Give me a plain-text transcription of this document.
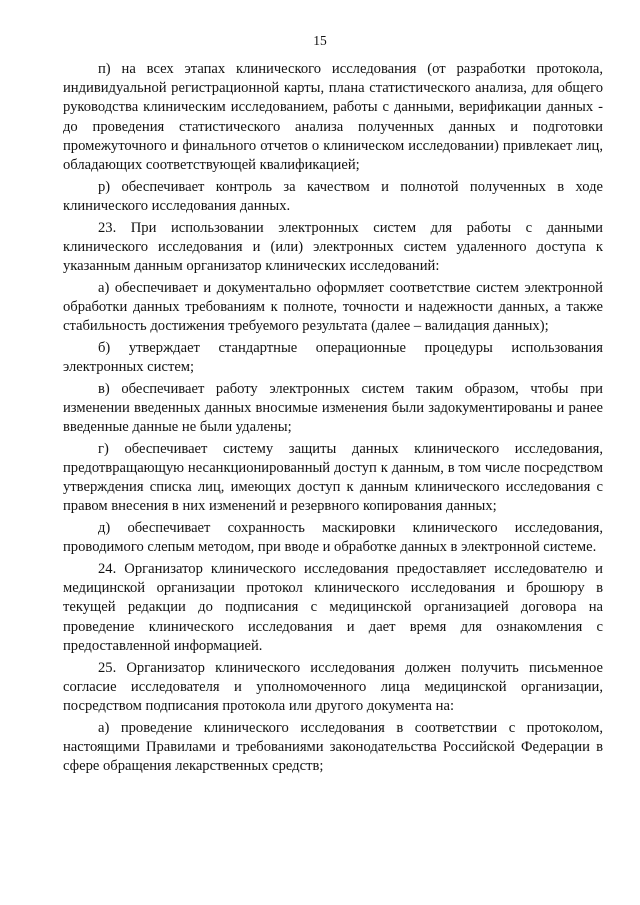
15

п) на всех этапах клинического исследования (от разработки протокола, индивидуальной регистрационной карты, плана статистического анализа, для общего руководства клиническим исследованием, работы с данными, верификации данных - до проведения статистического анализа полученных данных и подготовки промежуточного и финального отчетов о клиническом исследовании) привлекает лиц, обладающих соответствующей квалификацией;

р) обеспечивает контроль за качеством и полнотой полученных в ходе клинического исследования данных.

23. При использовании электронных систем для работы с данными клинического исследования и (или) электронных систем удаленного доступа к указанным данным организатор клинических исследований:

а) обеспечивает и документально оформляет соответствие систем электронной обработки данных требованиям к полноте, точности и надежности данных, а также стабильность достижения требуемого результата (далее – валидация данных);

б) утверждает стандартные операционные процедуры использования электронных систем;

в) обеспечивает работу электронных систем таким образом, чтобы при изменении введенных данных вносимые изменения были задокументированы и ранее введенные данные не были удалены;

г) обеспечивает систему защиты данных клинического исследования, предотвращающую несанкционированный доступ к данным, в том числе посредством утверждения списка лиц, имеющих доступ к данным клинического исследования с правом внесения в них изменений и резервного копирования данных;

д) обеспечивает сохранность маскировки клинического исследования, проводимого слепым методом, при вводе и обработке данных в электронной системе.

24. Организатор клинического исследования предоставляет исследователю и медицинской организации протокол клинического исследования и брошюру в текущей редакции до подписания с медицинской организацией договора на проведение клинического исследования и дает время для ознакомления с предоставленной информацией.

25. Организатор клинического исследования должен получить письменное согласие исследователя и уполномоченного лица медицинской организации, посредством подписания протокола или другого документа на:

а) проведение клинического исследования в соответствии с протоколом, настоящими Правилами и требованиями законодательства Российской Федерации в сфере обращения лекарственных средств;
